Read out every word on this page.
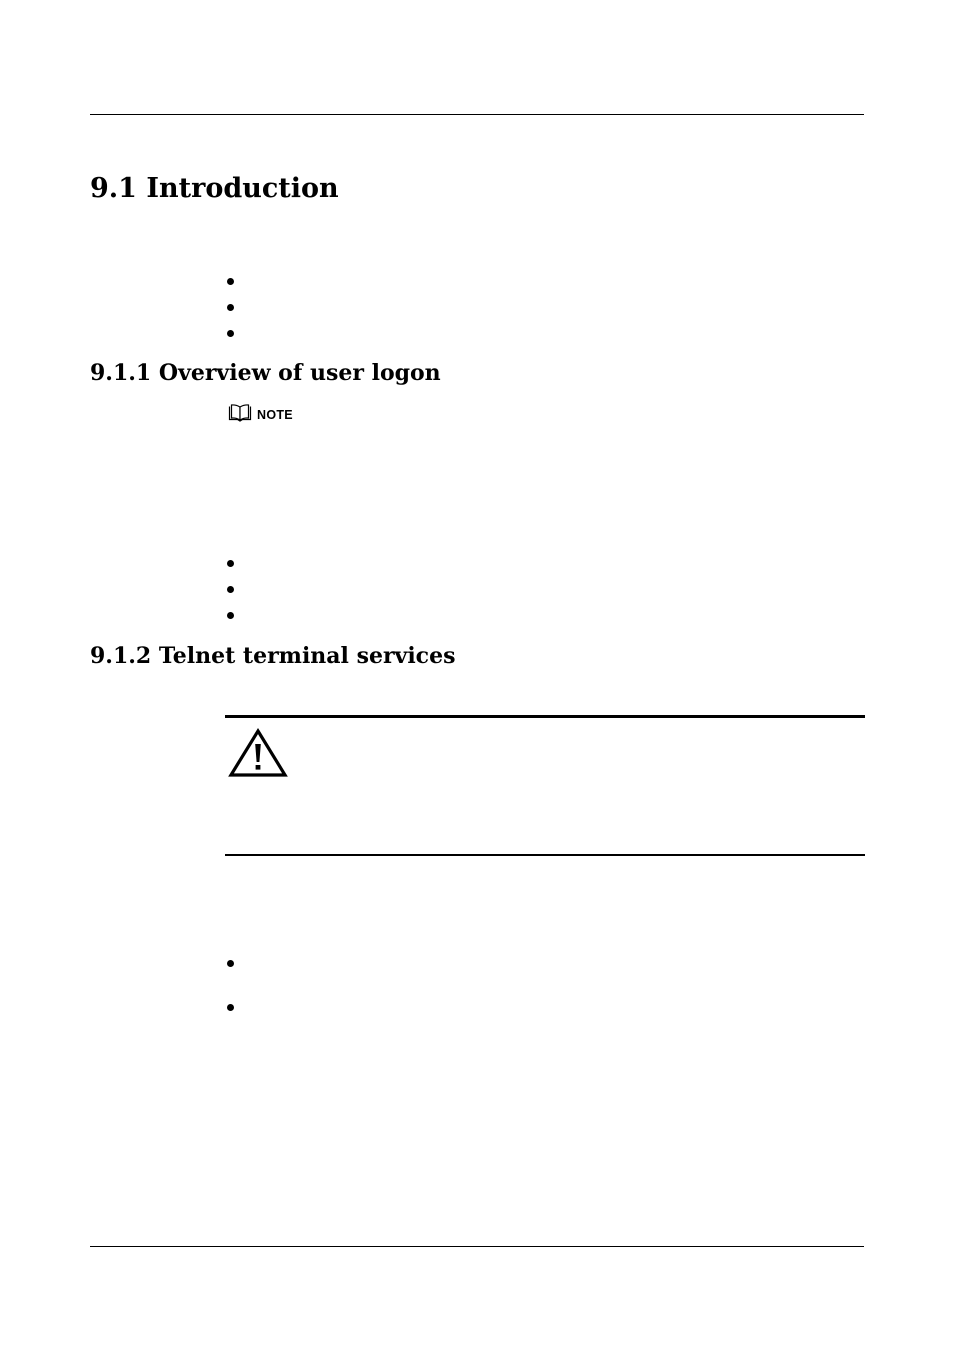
9.1 Introduction
9.1.1 Overview of user logon
NOTE
9.1.2 Telnet terminal services
